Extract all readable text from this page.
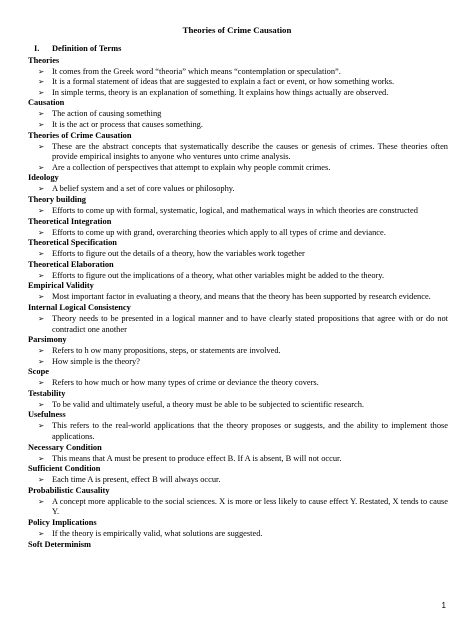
Theories of Crime Causation
I.	Definition of Terms
Theories
➢ It comes from the Greek word “theoria” which means “contemplation or speculation”.
➢ It is a formal statement of ideas that are suggested to explain a fact or event, or how something works.
➢ In simple terms, theory is an explanation of something. It explains how things actually are observed.
Causation
➢ The action of causing something
➢ It is the act or process that causes something.
Theories of Crime Causation
➢ These are the abstract concepts that systematically describe the causes or genesis of crimes. These theories often provide empirical insights to anyone who ventures unto crime analysis.
➢ Are a collection of perspectives that attempt to explain why people commit crimes.
Ideology
➢ A belief system and a set of core values or philosophy.
Theory building
➢ Efforts to come up with formal, systematic, logical, and mathematical ways in which theories are constructed
Theoretical Integration
➢ Efforts to come up with grand, overarching theories which apply to all types of crime and deviance.
Theoretical Specification
➢ Efforts to figure out the details of a theory, how the variables work together
Theoretical Elaboration
➢ Efforts to figure out the implications of a theory, what other variables might be added to the theory.
Empirical Validity
➢ Most important factor in evaluating a theory, and means that the theory has been supported by research evidence.
Internal Logical Consistency
➢ Theory needs to be presented in a logical manner and to have clearly stated propositions that agree with or do not contradict one another
Parsimony
➢ Refers to h ow many propositions, steps, or statements are involved.
➢ How simple is the theory?
Scope
➢ Refers to how much or how many types of crime or deviance the theory covers.
Testability
➢ To be valid and ultimately useful, a theory must be able to be subjected to scientific research.
Usefulness
➢ This refers to the real-world applications that the theory proposes or suggests, and the ability to implement those applications.
Necessary Condition
➢ This means that A must be present to produce effect B. If A is absent, B will not occur.
Sufficient Condition
➢ Each time A is present, effect B will always occur.
Probabilistic Causality
➢ A concept more applicable to the social sciences. X is more or less likely to cause effect Y. Restated, X tends to cause Y.
Policy Implications
➢ If the theory is empirically valid, what solutions are suggested.
Soft Determinism
1
